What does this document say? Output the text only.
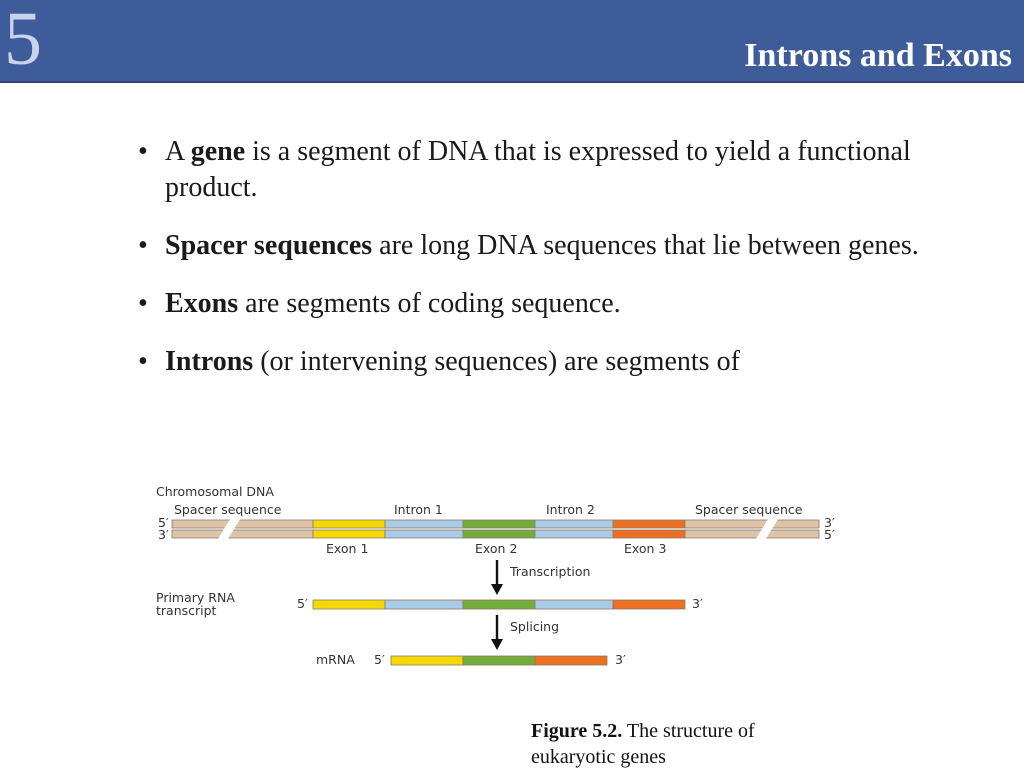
5	Introns and Exons
• A gene is a segment of DNA that is expressed to yield a functional product.
• Spacer sequences are long DNA sequences that lie between genes.
• Exons are segments of coding sequence.
• Introns (or intervening sequences) are segments of
Chromosomal DNA
Spacer sequence	Intron 1	Intron 2	Spacer sequence
5′
3′
3′
5′
Exon 1	Exon 2	Exon 3
Transcription
Primary RNA
transcript	5′	3′
Splicing
mRNA 5′	3′
Figure 5.2. The structure of eukaryotic genes
